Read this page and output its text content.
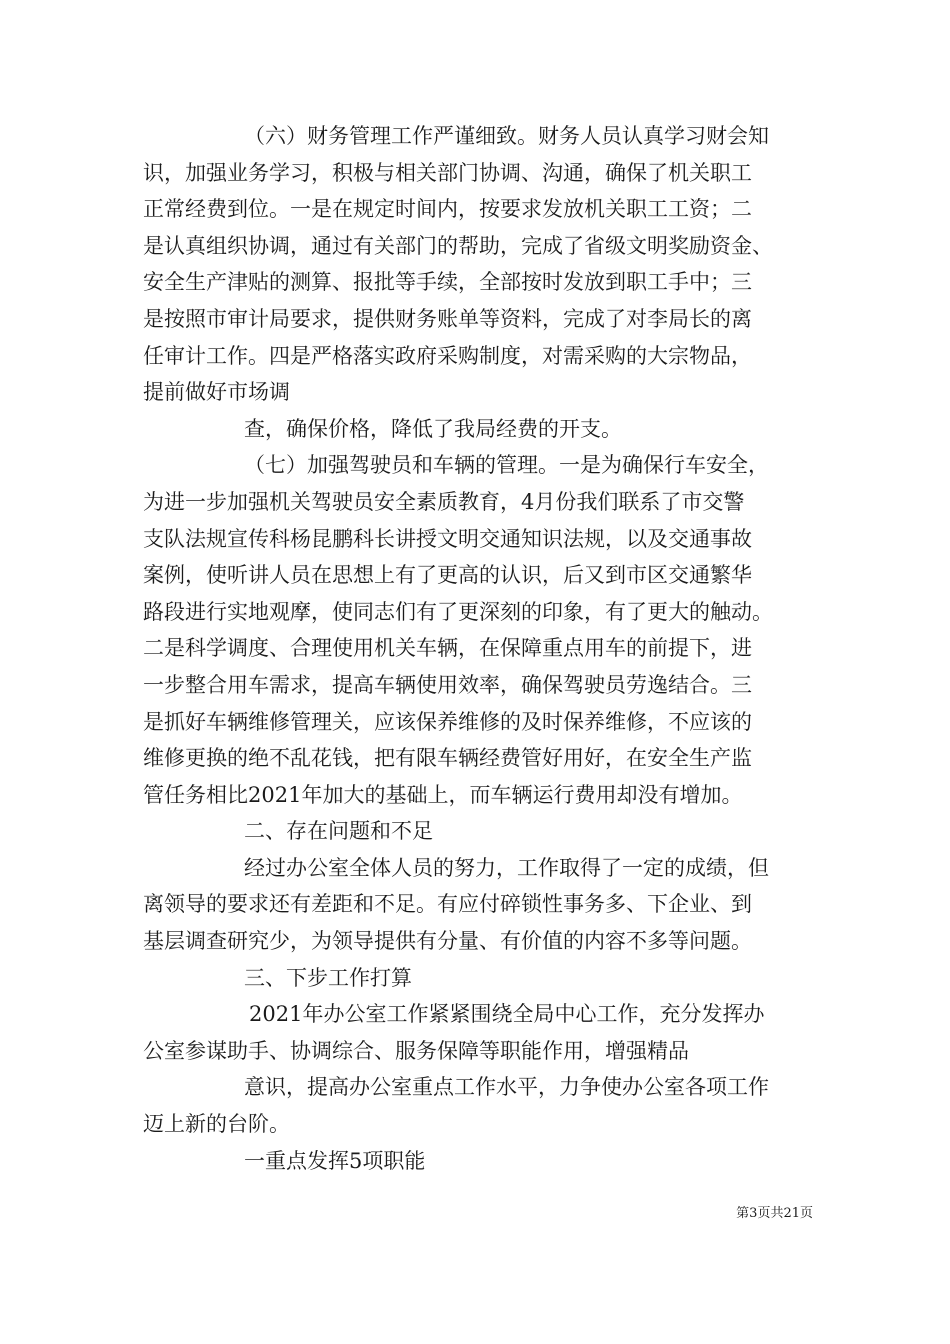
（六）财务管理工作严谨细致。财务人员认真学习财会知
识，加强业务学习，积极与相关部门协调、沟通，确保了机关职工
正常经费到位。一是在规定时间内，按要求发放机关职工工资；二
是认真组织协调，通过有关部门的帮助，完成了省级文明奖励资金、
安全生产津贴的测算、报批等手续，全部按时发放到职工手中；三
是按照市审计局要求，提供财务账单等资料，完成了对李局长的离
任审计工作。四是严格落实政府采购制度，对需采购的大宗物品，
提前做好市场调
查，确保价格，降低了我局经费的开支。
（七）加强驾驶员和车辆的管理。一是为确保行车安全，
为进一步加强机关驾驶员安全素质教育，4月份我们联系了市交警
支队法规宣传科杨昆鹏科长讲授文明交通知识法规，以及交通事故
案例，使听讲人员在思想上有了更高的认识，后又到市区交通繁华
路段进行实地观摩，使同志们有了更深刻的印象，有了更大的触动。
二是科学调度、合理使用机关车辆，在保障重点用车的前提下，进
一步整合用车需求，提高车辆使用效率，确保驾驶员劳逸结合。三
是抓好车辆维修管理关，应该保养维修的及时保养维修，不应该的
维修更换的绝不乱花钱，把有限车辆经费管好用好，在安全生产监
管任务相比2021年加大的基础上，而车辆运行费用却没有增加。
二、存在问题和不足
经过办公室全体人员的努力，工作取得了一定的成绩，但
离领导的要求还有差距和不足。有应付碎锁性事务多、下企业、到
基层调查研究少，为领导提供有分量、有价值的内容不多等问题。
三、下步工作打算
2021年办公室工作紧紧围绕全局中心工作，充分发挥办
公室参谋助手、协调综合、服务保障等职能作用，增强精品
意识，提高办公室重点工作水平，力争使办公室各项工作
迈上新的台阶。
一重点发挥5项职能
第3页共21页
